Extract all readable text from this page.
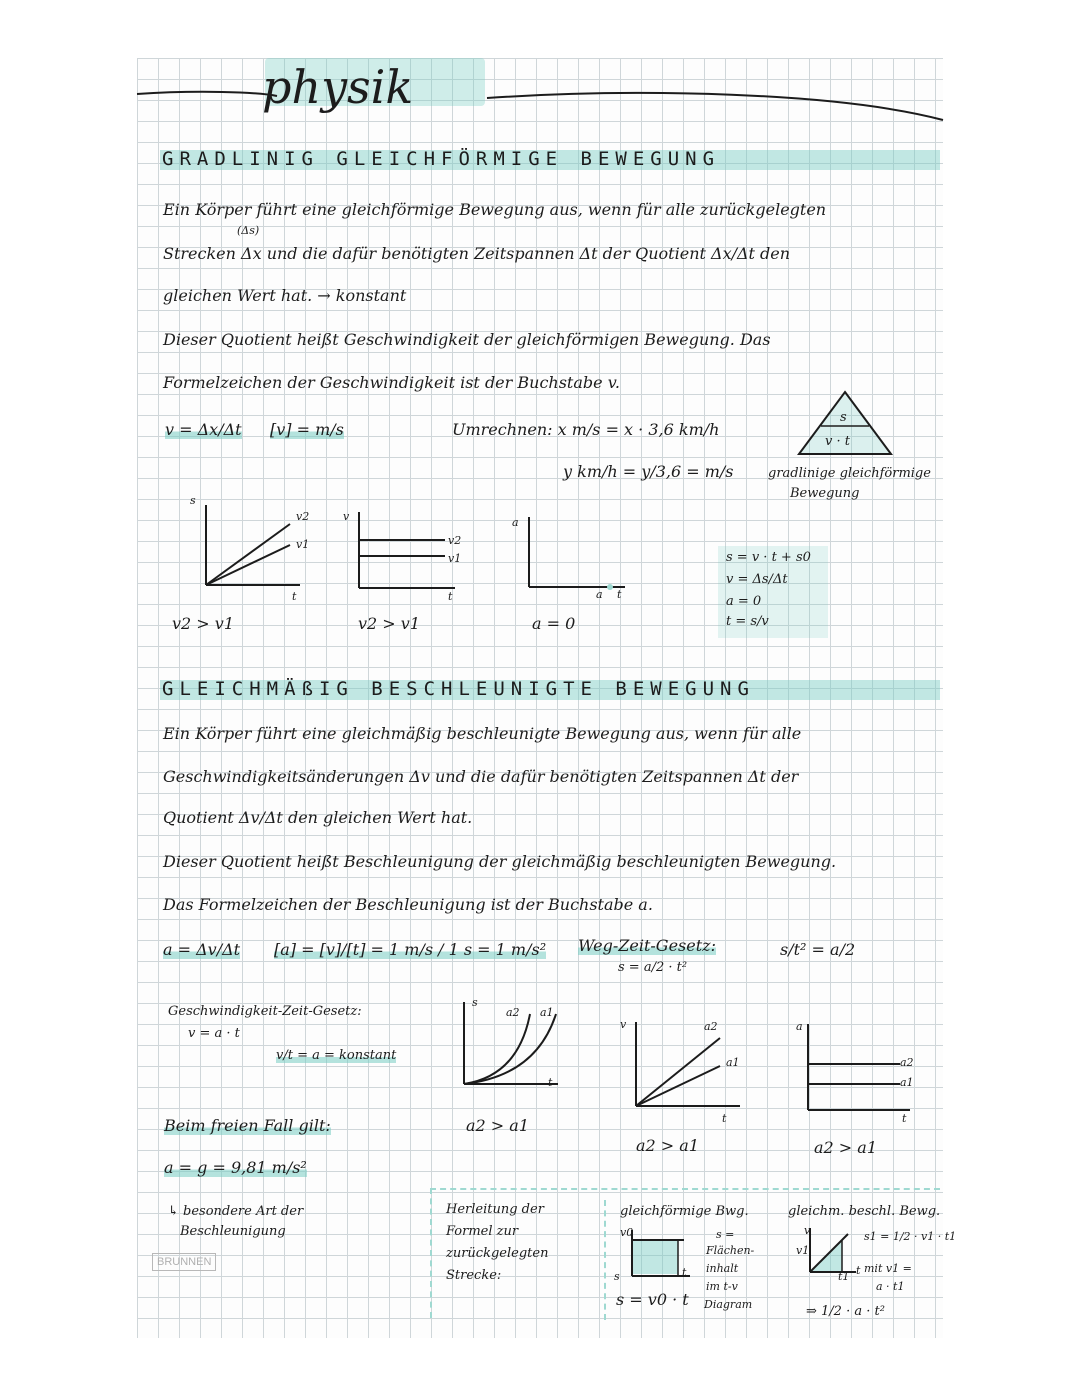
physik
GRADLINIG GLEICHFÖRMIGE BEWEGUNG
Ein Körper führt eine gleichförmige Bewegung aus, wenn für alle zurückgelegten
(Δs)
Strecken Δx und die dafür benötigten Zeitspannen Δt der Quotient Δx/Δt den
gleichen Wert hat. → konstant
Dieser Quotient heißt Geschwindigkeit der gleichförmigen Bewegung. Das
Formelzeichen der Geschwindigkeit ist der Buchstabe v.
v = Δx/Δt [v] = m/s	Umrechnen: x m/s = x · 3,6 km/h
y km/h = y/3,6 = m/s
s
v · t
gradlinige gleichförmige
Bewegung
s
t
v2
v1
v2 > v1
v
t
v2
v1
v2 > v1
a
t
a
a = 0
s = v · t + s0
v = Δs/Δt
a = 0
t = s/v
GLEICHMÄßIG BESCHLEUNIGTE BEWEGUNG
Ein Körper führt eine gleichmäßig beschleunigte Bewegung aus, wenn für alle
Geschwindigkeitsänderungen Δv und die dafür benötigten Zeitspannen Δt der
Quotient Δv/Δt den gleichen Wert hat.
Dieser Quotient heißt Beschleunigung der gleichmäßig beschleunigten Bewegung.
Das Formelzeichen der Beschleunigung ist der Buchstabe a.
a = Δv/Δt [a] = [v]/[t] = 1 m/s / 1 s = 1 m/s² Weg-Zeit-Gesetz:
s = a/2 · t²
s/t² = a/2
Geschwindigkeit-Zeit-Gesetz:
v = a · t
v/t = a = konstant
s
t
a2 a1
a2 > a1
v
t
a2
a1
a2 > a1
a
t
a2
a1
a2 > a1
Beim freien Fall gilt:
a = g = 9,81 m/s²
↳ besondere Art der
Beschleunigung
Herleitung der
Formel zur
zurückgelegten
Strecke:
gleichförmige Bwg.
v0
t
s
s = v0 · t
s =
Flächen-
inhalt
im t-v
Diagram
gleichm. beschl. Bewg.
v
v1
t
t1
s1 = 1/2 · v1 · t1
mit v1 =
a · t1
⇒ 1/2 · a · t²
BRUNNEN
